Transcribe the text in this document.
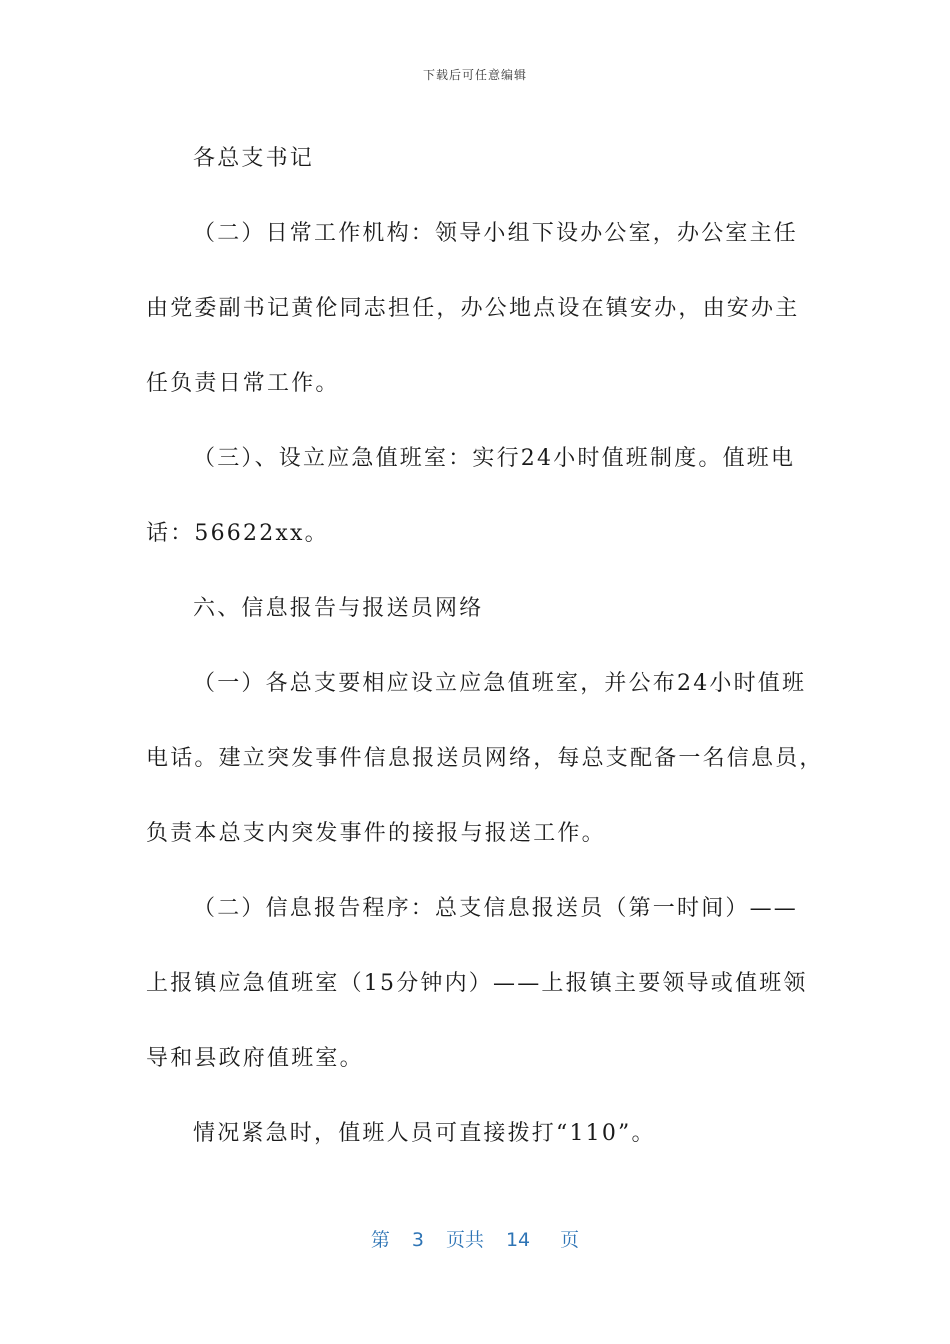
下载后可任意编辑

各总支书记

（二）日常工作机构：领导小组下设办公室，办公室主任

由党委副书记黄伦同志担任，办公地点设在镇安办，由安办主

任负责日常工作。

（三）、设立应急值班室：实行24小时值班制度。值班电

话：56622xx。

六、信息报告与报送员网络

（一）各总支要相应设立应急值班室，并公布24小时值班

电话。建立突发事件信息报送员网络，每总支配备一名信息员，

负责本总支内突发事件的接报与报送工作。

（二）信息报告程序：总支信息报送员（第一时间）——

上报镇应急值班室（15分钟内）——上报镇主要领导或值班领

导和县政府值班室。

情况紧急时，值班人员可直接拨打“110”。

第 3 页共 14 页
